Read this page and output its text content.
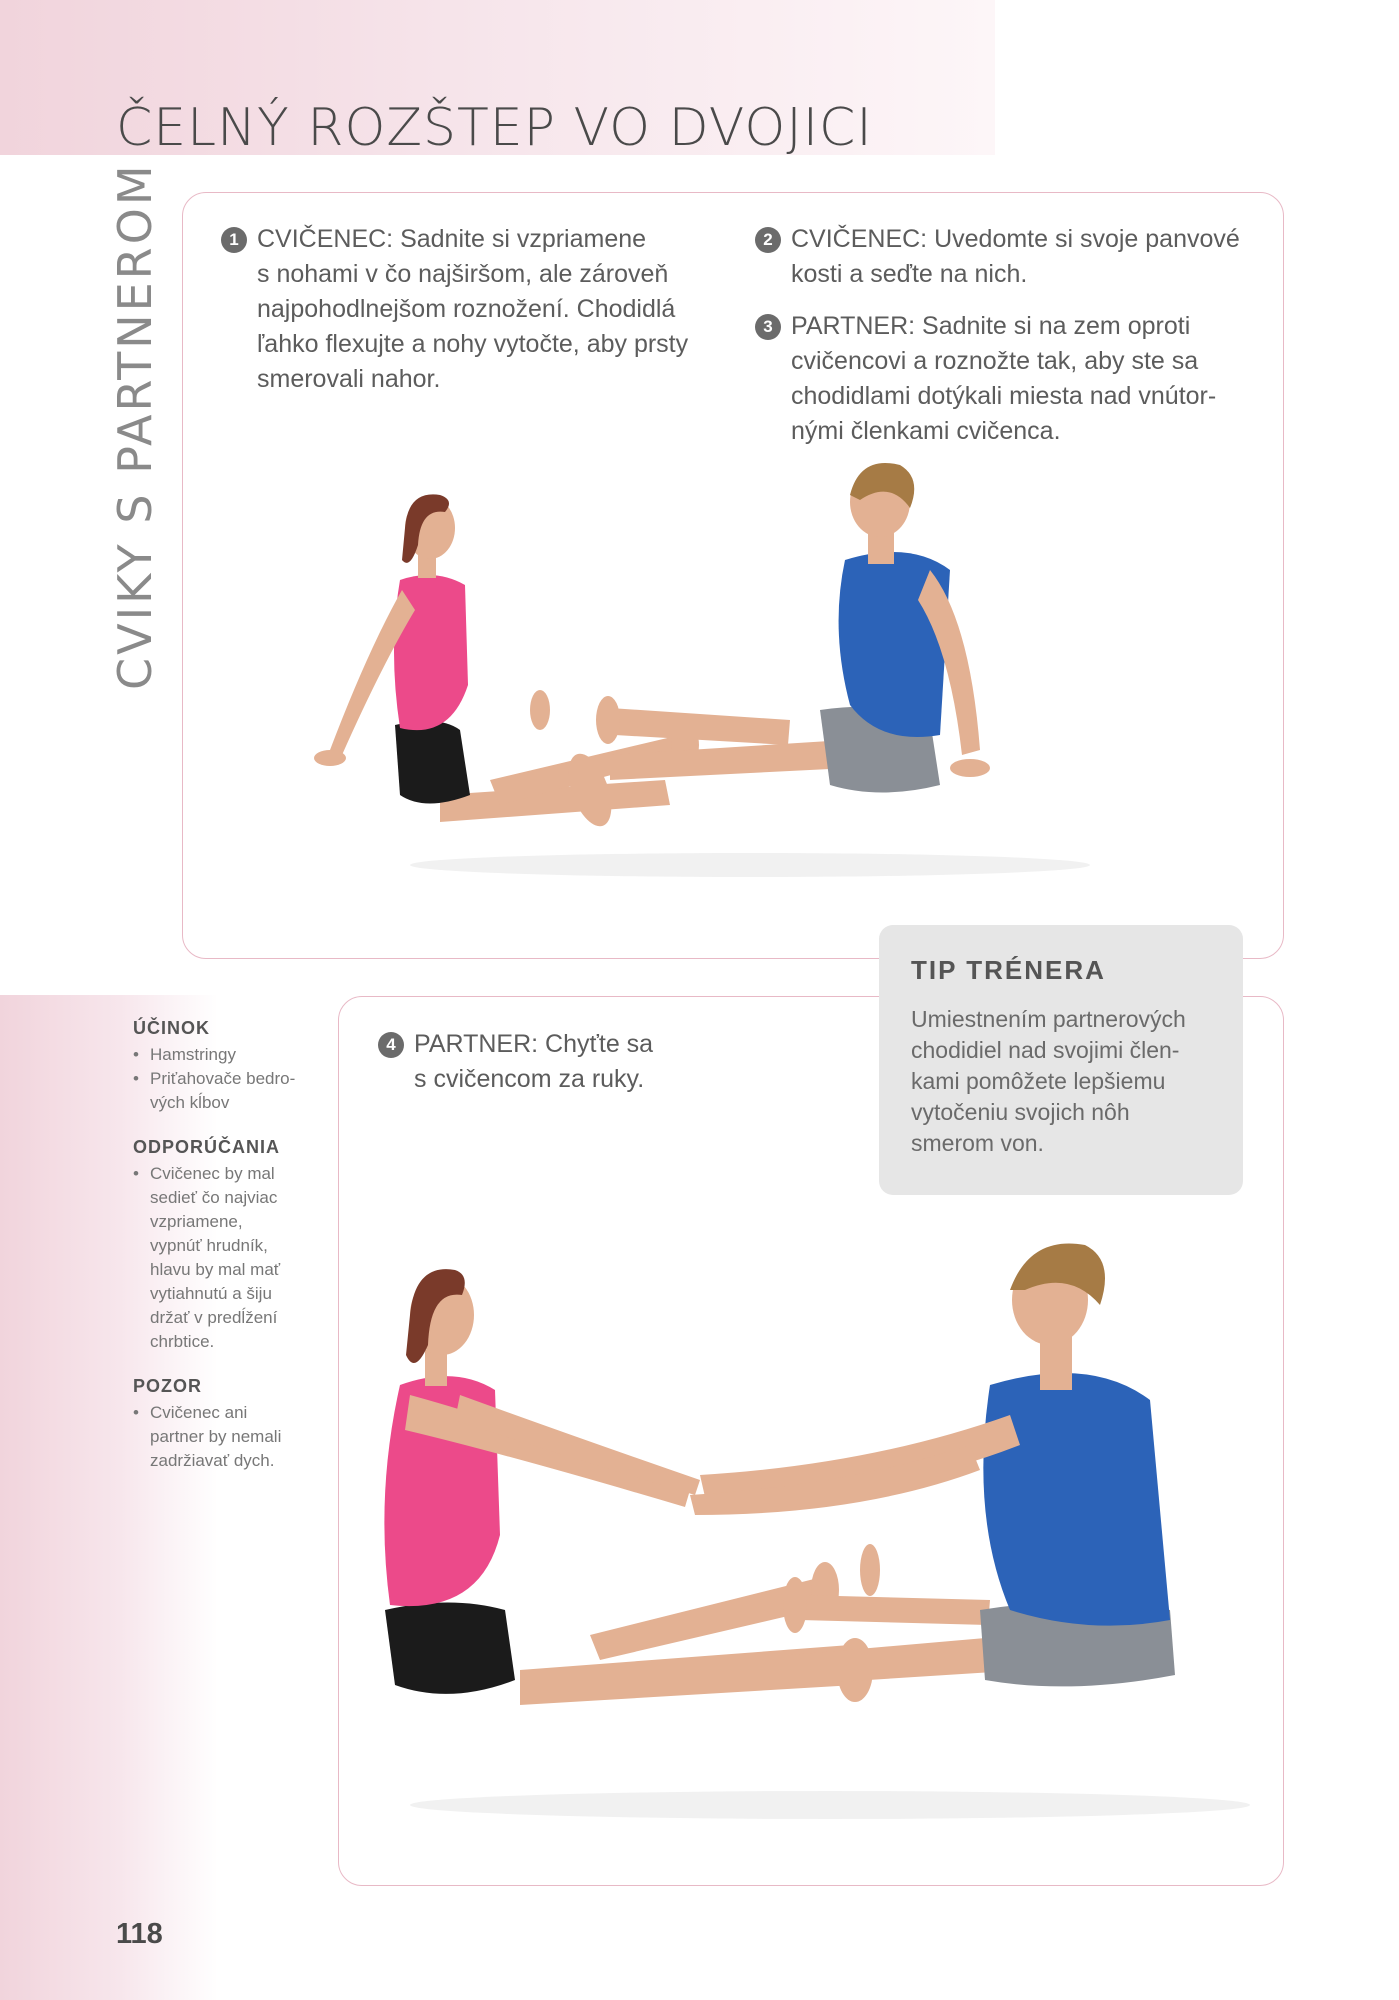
ČELNÝ ROZŠTEP VO DVOJICI
CVIKY S PARTNEROM	1 CVIČENEC: Sadnite si vzpriamene
s nohami v čo najširšom, ale zároveň
najpohodlnejšom roznožení. Chodidlá
ľahko flexujte a nohy vytočte, aby prsty
smerovali nahor.
2 CVIČENEC: Uvedomte si svoje panvové
kosti a seďte na nich.
3 PARTNER: Sadnite si na zem oproti
cvičencovi a roznožte tak, aby ste sa
chodidlami dotýkali miesta nad vnútor-
nými členkami cvičenca.
4 PARTNER: Chyťte sa
s cvičencom za ruky.
TIP TRÉNERA
Umiestnením partnerových
chodidiel nad svojimi člen-
kami pomôžete lepšiemu
vytočeniu svojich nôh
smerom von.
ÚČINOK
• Hamstringy
• Priťahovače bedro-
vých kĺbov
ODPORÚČANIA
• Cvičenec by mal
sedieť čo najviac
vzpriamene,
vypnúť hrudník,
hlavu by mal mať
vytiahnutú a šiju
držať v predĺžení
chrbtice.
POZOR
• Cvičenec ani
partner by nemali
zadržiavať dych.
118
